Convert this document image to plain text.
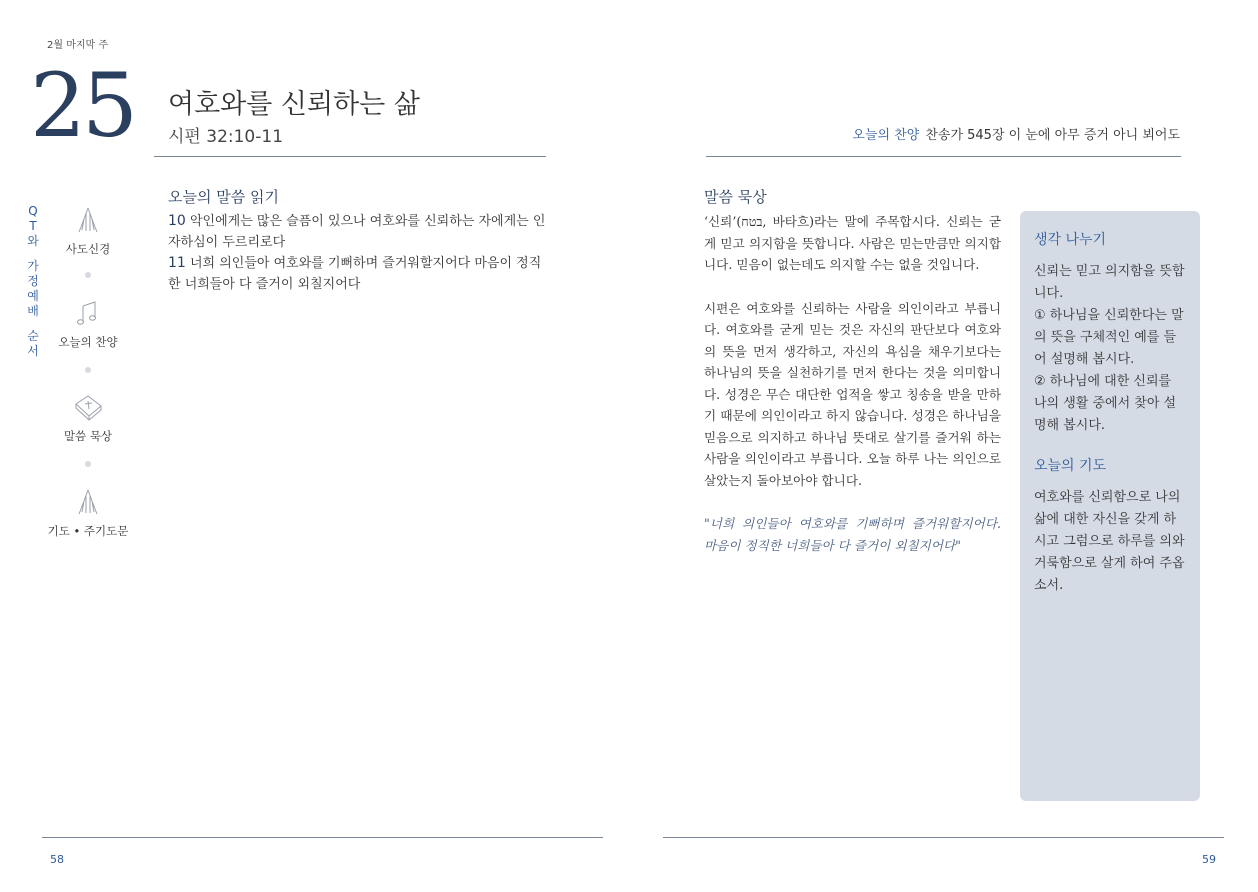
2월 마지막 주
25 여호와를 신뢰하는 삶
시편 32:10-11	오늘의 찬양 찬송가 545장 이 눈에 아무 증거 아니 뵈어도
Q
T
와
가
정
예
배
순
서
사도신경
오늘의 찬양
말씀 묵상
기도 • 주기도문
오늘의 말씀 읽기
10 악인에게는 많은 슬픔이 있으나 여호와를 신뢰하는 자에게는 인자하심이 두르리로다
11 너희 의인들아 여호와를 기뻐하며 즐거워할지어다 마음이 정직한 너희들아 다 즐거이 외칠지어다
말씀 묵상

‘신뢰’(בטח, 바타흐)라는 말에 주목합시다. 신뢰는 굳게 믿고 의지함을 뜻합니다. 사람은 믿는만큼만 의지합니다. 믿음이 없는데도 의지할 수는 없을 것입니다.

시편은 여호와를 신뢰하는 사람을 의인이라고 부릅니다. 여호와를 굳게 믿는 것은 자신의 판단보다 여호와의 뜻을 먼저 생각하고, 자신의 욕심을 채우기보다는 하나님의 뜻을 실천하기를 먼저 한다는 것을 의미합니다. 성경은 무슨 대단한 업적을 쌓고 칭송을 받을 만하기 때문에 의인이라고 하지 않습니다. 성경은 하나님을 믿음으로 의지하고 하나님 뜻대로 살기를 즐거워 하는 사람을 의인이라고 부릅니다. 오늘 하루 나는 의인으로 살았는지 돌아보아야 합니다.

"너희 의인들아 여호와를 기뻐하며 즐거워할지어다. 마음이 정직한 너희들아 다 즐거이 외칠지어다"

생각 나누기
신뢰는 믿고 의지함을 뜻합니다.
① 하나님을 신뢰한다는 말의 뜻을 구체적인 예를 들어 설명해 봅시다.
② 하나님에 대한 신뢰를 나의 생활 중에서 찾아 설명해 봅시다.
오늘의 기도
여호와를 신뢰함으로 나의 삶에 대한 자신을 갖게 하시고 그럼으로 하루를 의와 거룩함으로 살게 하여 주옵소서.
58	59
